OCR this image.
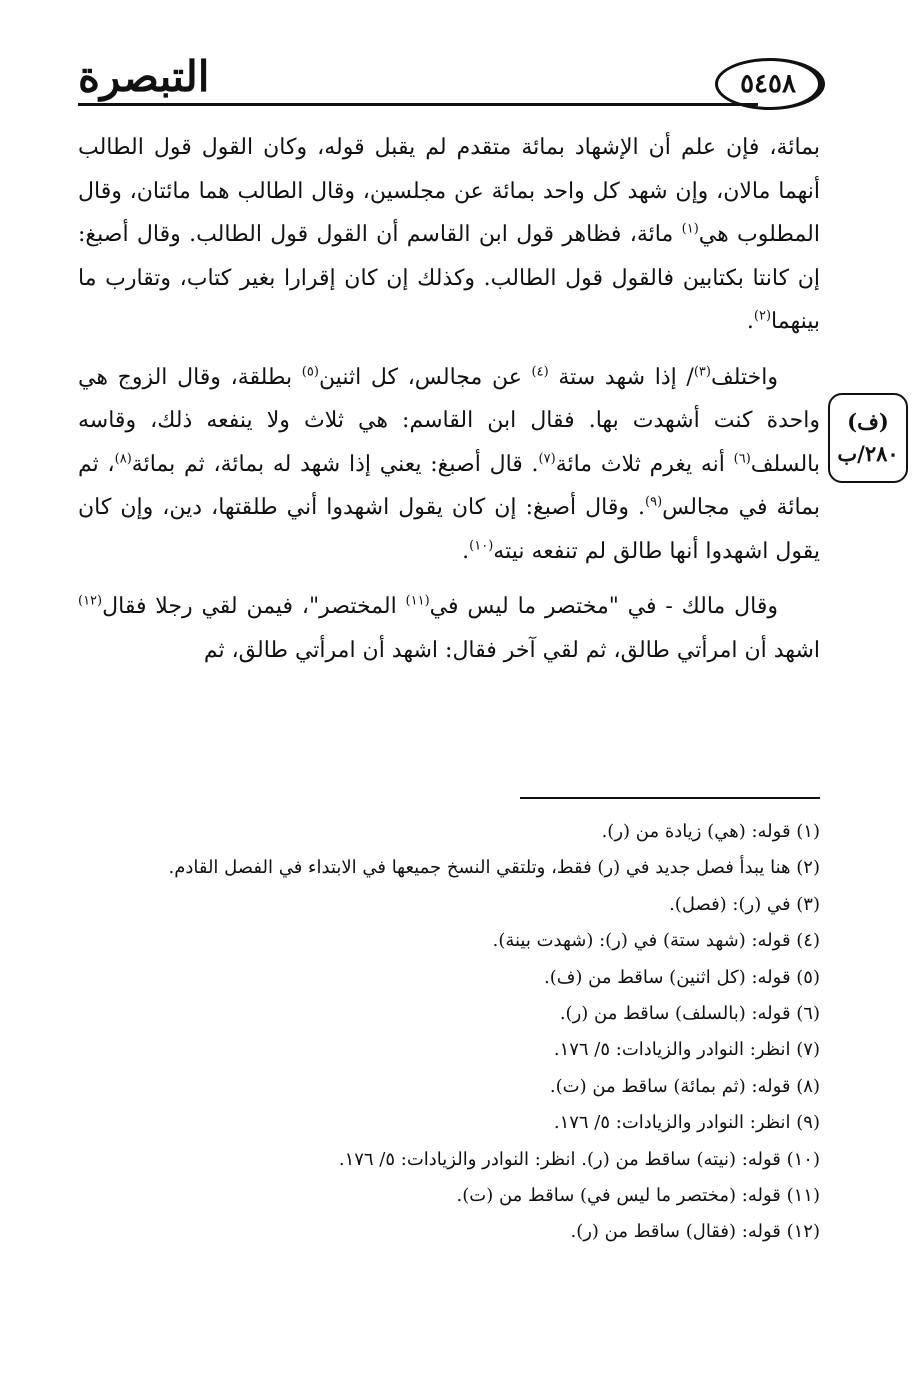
التبصرة	٥٤٥٨
(ف)
٢٨٠/ب

بمائة، فإن علم أن الإشهاد بمائة متقدم لم يقبل قوله، وكان القول قول الطالب أنهما مالان، وإن شهد كل واحد بمائة عن مجلسين، وقال الطالب هما مائتان، وقال المطلوب هي$^{(١)}$ مائة، فظاهر قول ابن القاسم أن القول قول الطالب. وقال أصبغ: إن كانتا بكتابين فالقول قول الطالب. وكذلك إن كان إقرارا بغير كتاب، وتقارب ما بينهما$^{(٢)}$.

واختلف$^{(٣)}$/ إذا شهد ستة $^{(٤)}$ عن مجالس، كل اثنين$^{(٥)}$ بطلقة، وقال الزوج هي واحدة كنت أشهدت بها. فقال ابن القاسم: هي ثلاث ولا ينفعه ذلك، وقاسه بالسلف$^{(٦)}$ أنه يغرم ثلاث مائة$^{(٧)}$. قال أصبغ: يعني إذا شهد له بمائة، ثم بمائة$^{(٨)}$، ثم بمائة في مجالس$^{(٩)}$. وقال أصبغ: إن كان يقول اشهدوا أني طلقتها، دين، وإن كان يقول اشهدوا أنها طالق لم تنفعه نيته$^{(١٠)}$.

وقال مالك - في "مختصر ما ليس في$^{(١١)}$ المختصر"، فيمن لقي رجلا فقال$^{(١٢)}$ اشهد أن امرأتي طالق، ثم لقي آخر فقال: اشهد أن امرأتي طالق، ثم

(١) قوله: (هي) زيادة من (ر).
(٢) هنا يبدأ فصل جديد في (ر) فقط، وتلتقي النسخ جميعها في الابتداء في الفصل القادم.
(٣) في (ر): (فصل).
(٤) قوله: (شهد ستة) في (ر): (شهدت بينة).
(٥) قوله: (كل اثنين) ساقط من (ف).
(٦) قوله: (بالسلف) ساقط من (ر).
(٧) انظر: النوادر والزيادات: ٥/ ١٧٦.
(٨) قوله: (ثم بمائة) ساقط من (ت).
(٩) انظر: النوادر والزيادات: ٥/ ١٧٦.
(١٠) قوله: (نيته) ساقط من (ر). انظر: النوادر والزيادات: ٥/ ١٧٦.
(١١) قوله: (مختصر ما ليس في) ساقط من (ت).
(١٢) قوله: (فقال) ساقط من (ر).
